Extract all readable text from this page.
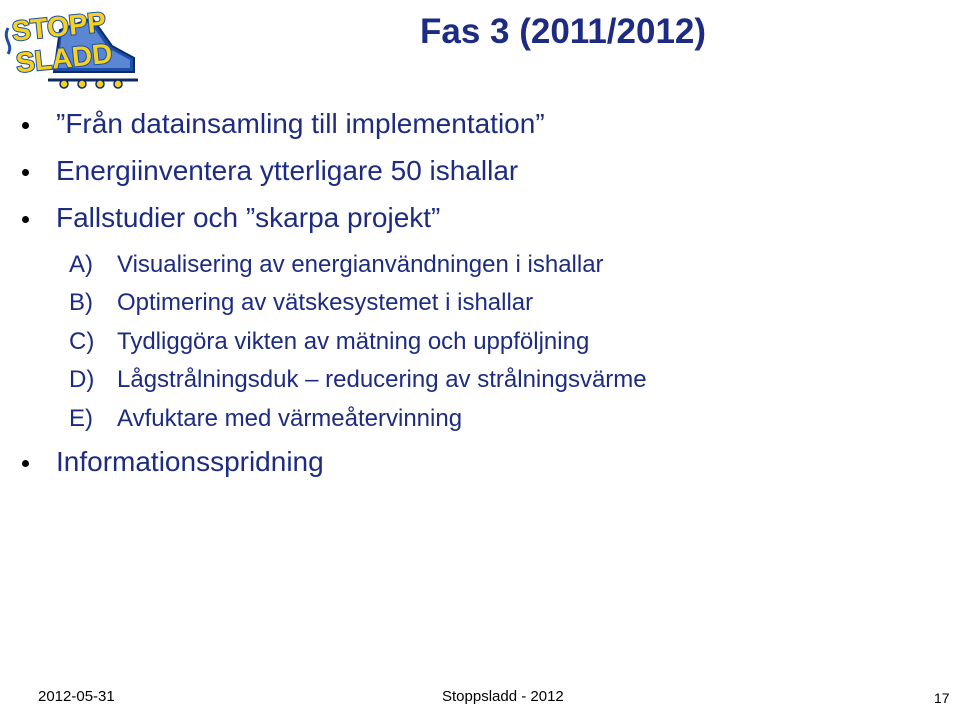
STOPP
SLADD
Fas 3 (2011/2012)
”Från datainsamling till implementation”
Energiinventera ytterligare 50 ishallar
Fallstudier och ”skarpa projekt”
A) Visualisering av energianvändningen i ishallar
B) Optimering av vätskesystemet i ishallar
C) Tydliggöra vikten av mätning och uppföljning
D) Lågstrålningsduk – reducering av strålningsvärme
E) Avfuktare med värmeåtervinning
Informationsspridning
2012-05-31	Stoppsladd - 2012	17
